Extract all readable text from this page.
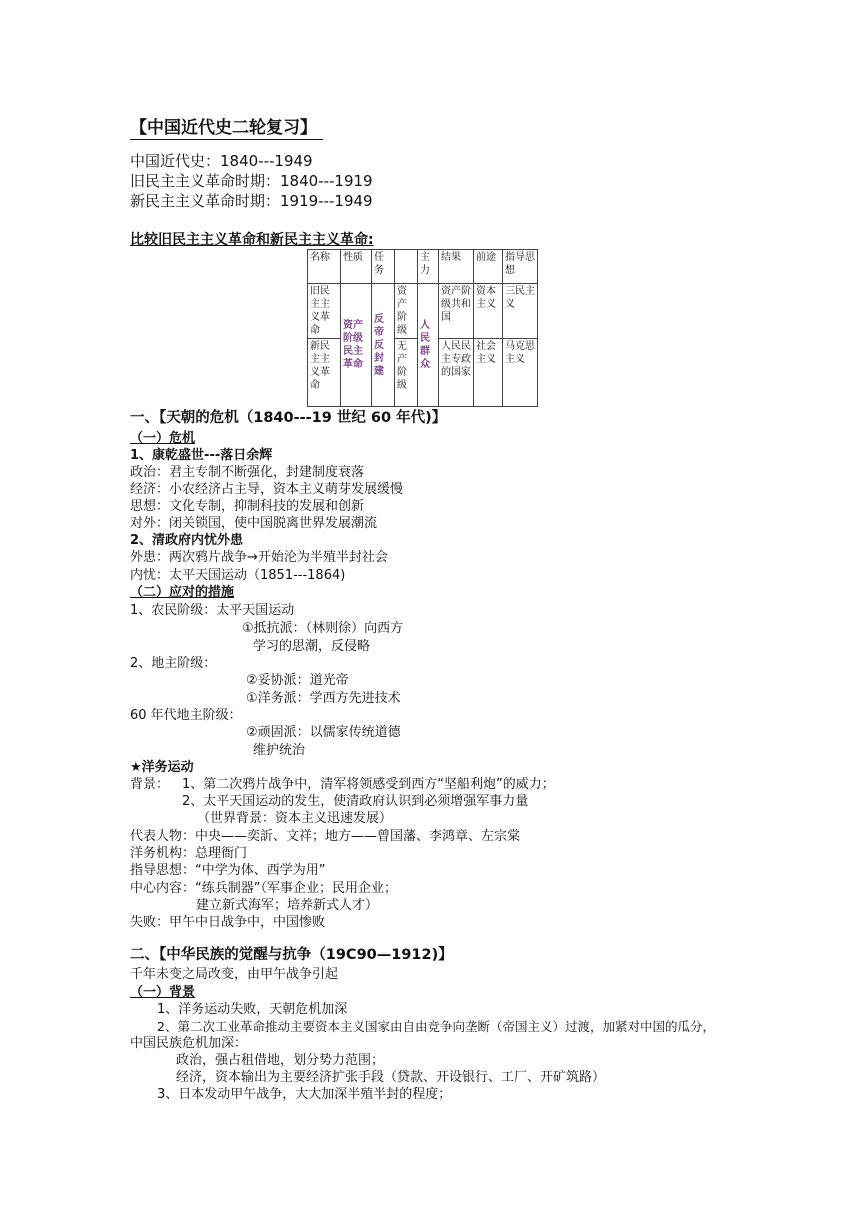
【中国近代史二轮复习】
中国近代史：1840---1949
旧民主主义革命时期：1840---1919
新民主主义革命时期：1919---1949
比较旧民主主义革命和新民主主义革命:
名称	性质	任务		主力	结果	前途	指导思想
旧民主主义革命	资产阶级民主革命	反帝反封建	资产阶级	人民群众	资产阶级共和国	资本主义	三民主义
新民主主义革命			无产阶级		人民民主专政的国家	社会主义	马克思主义
一、【天朝的危机（1840---19 世纪 60 年代)】
（一）危机
1、康乾盛世---落日余辉
政治：君主专制不断强化，封建制度衰落
经济：小农经济占主导，资本主义萌芽发展缓慢
思想：文化专制，抑制科技的发展和创新
对外：闭关锁国，使中国脱离世界发展潮流
2、清政府内忧外患
外患：两次鸦片战争→开始沦为半殖半封社会
内忧：太平天国运动（1851---1864)
（二）应对的措施
1、农民阶级：太平天国运动
①抵抗派：（林则徐）向西方
学习的思潮，反侵略
2、地主阶级：
②妥协派：道光帝
①洋务派：学西方先进技术
60 年代地主阶级：
②顽固派：以儒家传统道德
维护统治
★洋务运动
背景： 1、第二次鸦片战争中，清军将领感受到西方“坚船利炮”的威力；
2、太平天国运动的发生，使清政府认识到必须增强军事力量
（世界背景：资本主义迅速发展）
代表人物：中央——奕訢、文祥；地方——曾国藩、李鸿章、左宗棠
洋务机构：总理衙门
指导思想：“中学为体、西学为用”
中心内容：“练兵制器”（军事企业；民用企业；
建立新式海军；培养新式人才）
失败：甲午中日战争中，中国惨败
二、【中华民族的觉醒与抗争（19C90—1912)】
千年未变之局改变，由甲午战争引起
（一）背景
1、洋务运动失败，天朝危机加深
2、第二次工业革命推动主要资本主义国家由自由竞争向垄断（帝国主义）过渡，加紧对中国的瓜分，
中国民族危机加深：
政治，强占租借地，划分势力范围；
经济，资本输出为主要经济扩张手段（贷款、开设银行、工厂、开矿筑路）
3、日本发动甲午战争，大大加深半殖半封的程度；
